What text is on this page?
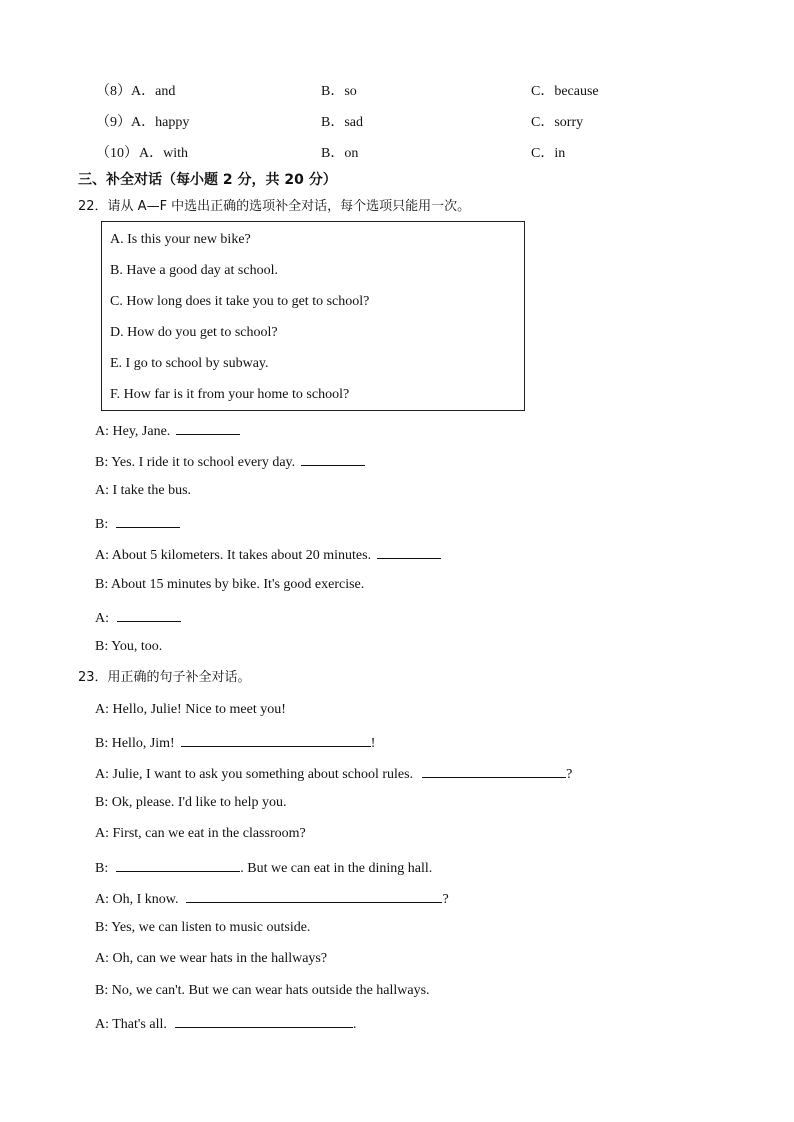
（8） A．and	B．so	C．because
（9） A．happy	B．sad	C．sorry
（10） A．with	B．on	C．in
三、补全对话（每小题 2 分，共 20 分）
22．请从 A—F 中选出正确的选项补全对话，每个选项只能用一次。
A. Is this your new bike?
B. Have a good day at school.
C. How long does it take you to get to school?
D. How do you get to school?
E. I go to school by subway.
F. How far is it from your home to school?
A: Hey, Jane.
B: Yes. I ride it to school every day.
A: I take the bus.
B:
A: About 5 kilometers. It takes about 20 minutes.
B: About 15 minutes by bike. It's good exercise.
A:
B: You, too.
23．用正确的句子补全对话。
A: Hello, Julie! Nice to meet you!
B: Hello, Jim!	!
A: Julie, I want to ask you something about school rules.	?
B: Ok, please. I'd like to help you.
A: First, can we eat in the classroom?
B:	. But we can eat in the dining hall.
A: Oh, I know.	?
B: Yes, we can listen to music outside.
A: Oh, can we wear hats in the hallways?
B: No, we can't. But we can wear hats outside the hallways.
A: That's all.	.
